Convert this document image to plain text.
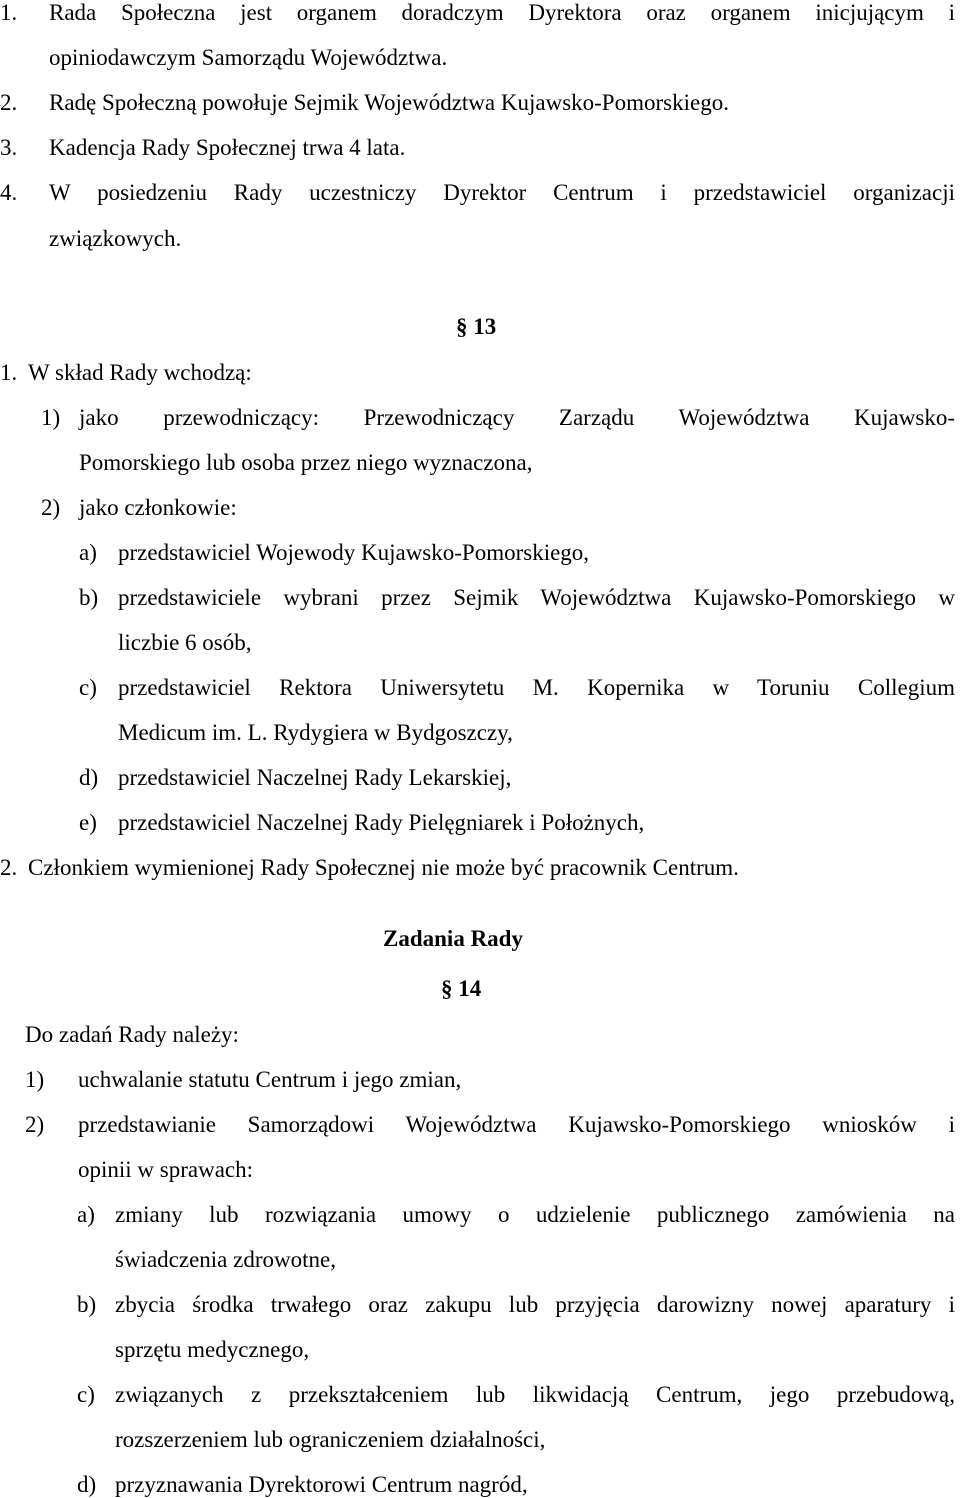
1. Rada Społeczna jest organem doradczym Dyrektora oraz organem inicjującym i
opiniodawczym Samorządu Województwa.
2. Radę Społeczną powołuje Sejmik Województwa Kujawsko-Pomorskiego.
3. Kadencja Rady Społecznej trwa 4 lata.
4. W posiedzeniu Rady uczestniczy Dyrektor Centrum i przedstawiciel organizacji
związkowych.
§ 13
1. W skład Rady wchodzą:
1) jako przewodniczący: Przewodniczący Zarządu Województwa Kujawsko-
Pomorskiego lub osoba przez niego wyznaczona,
2) jako członkowie:
a) przedstawiciel Wojewody Kujawsko-Pomorskiego,
b) przedstawiciele wybrani przez Sejmik Województwa Kujawsko-Pomorskiego w
liczbie 6 osób,
c) przedstawiciel Rektora Uniwersytetu M. Kopernika w Toruniu Collegium
Medicum im. L. Rydygiera w Bydgoszczy,
d) przedstawiciel Naczelnej Rady Lekarskiej,
e) przedstawiciel Naczelnej Rady Pielęgniarek i Położnych,
2. Członkiem wymienionej Rady Społecznej nie może być pracownik Centrum.
Zadania Rady
§ 14
Do zadań Rady należy:
1) uchwalanie statutu Centrum i jego zmian,
2) przedstawianie Samorządowi Województwa Kujawsko-Pomorskiego wniosków i
opinii w sprawach:
a) zmiany lub rozwiązania umowy o udzielenie publicznego zamówienia na
świadczenia zdrowotne,
b) zbycia środka trwałego oraz zakupu lub przyjęcia darowizny nowej aparatury i
sprzętu medycznego,
c) związanych z przekształceniem lub likwidacją Centrum, jego przebudową,
rozszerzeniem lub ograniczeniem działalności,
d) przyznawania Dyrektorowi Centrum nagród,
